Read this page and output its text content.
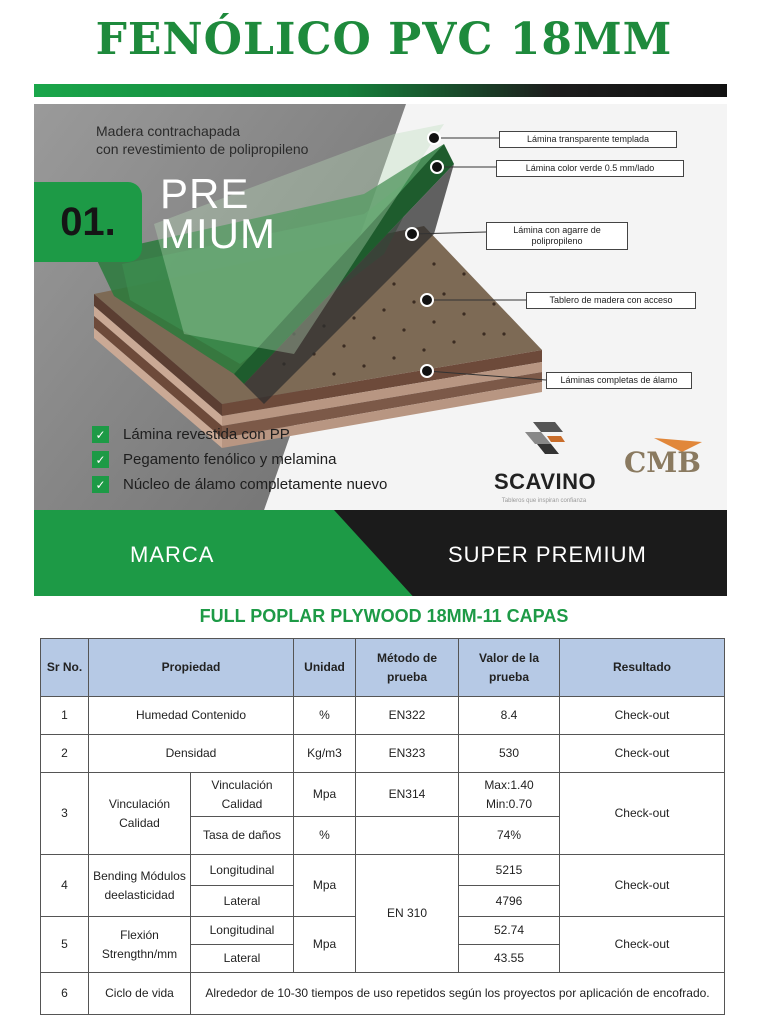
FENÓLICO PVC 18MM
Madera contrachapada
con revestimiento de polipropileno
01.
PRE
MIUM
Lámina transparente templada
Lámina color verde 0.5 mm/lado
Lámina con agarre de polipropileno
Tablero de madera con acceso
Láminas completas de álamo
✓ Lámina revestida con PP
✓ Pegamento fenólico y melamina
✓ Núcleo de álamo completamente nuevo	SCAVINO
Tableros que inspiran confianza
CMB
MARCA	SUPER PREMIUM
FULL POPLAR PLYWOOD 18MM-11 CAPAS
Sr No.	Propiedad		Unidad	Método de prueba	Valor de la prueba	Resultado
1	Humedad Contenido		%	EN322	8.4	Check-out
2	Densidad		Kg/m3	EN323	530	Check-out
3	Vinculación Calidad	Vinculación Calidad	Mpa	EN314	Max:1.40
Min:0.70	Check-out
		Tasa de daños	%		74%	
4	Bending Módulos deelasticidad	Longitudinal	Mpa	EN 310	5215	Check-out
		Lateral			4796	
5	Flexión Strengthn/mm	Longitudinal	Mpa		52.74	Check-out
		Lateral			43.55	
6	Ciclo de vida	Alrededor de 10-30 tiempos de uso repetidos según los proyectos por aplicación de encofrado.				
